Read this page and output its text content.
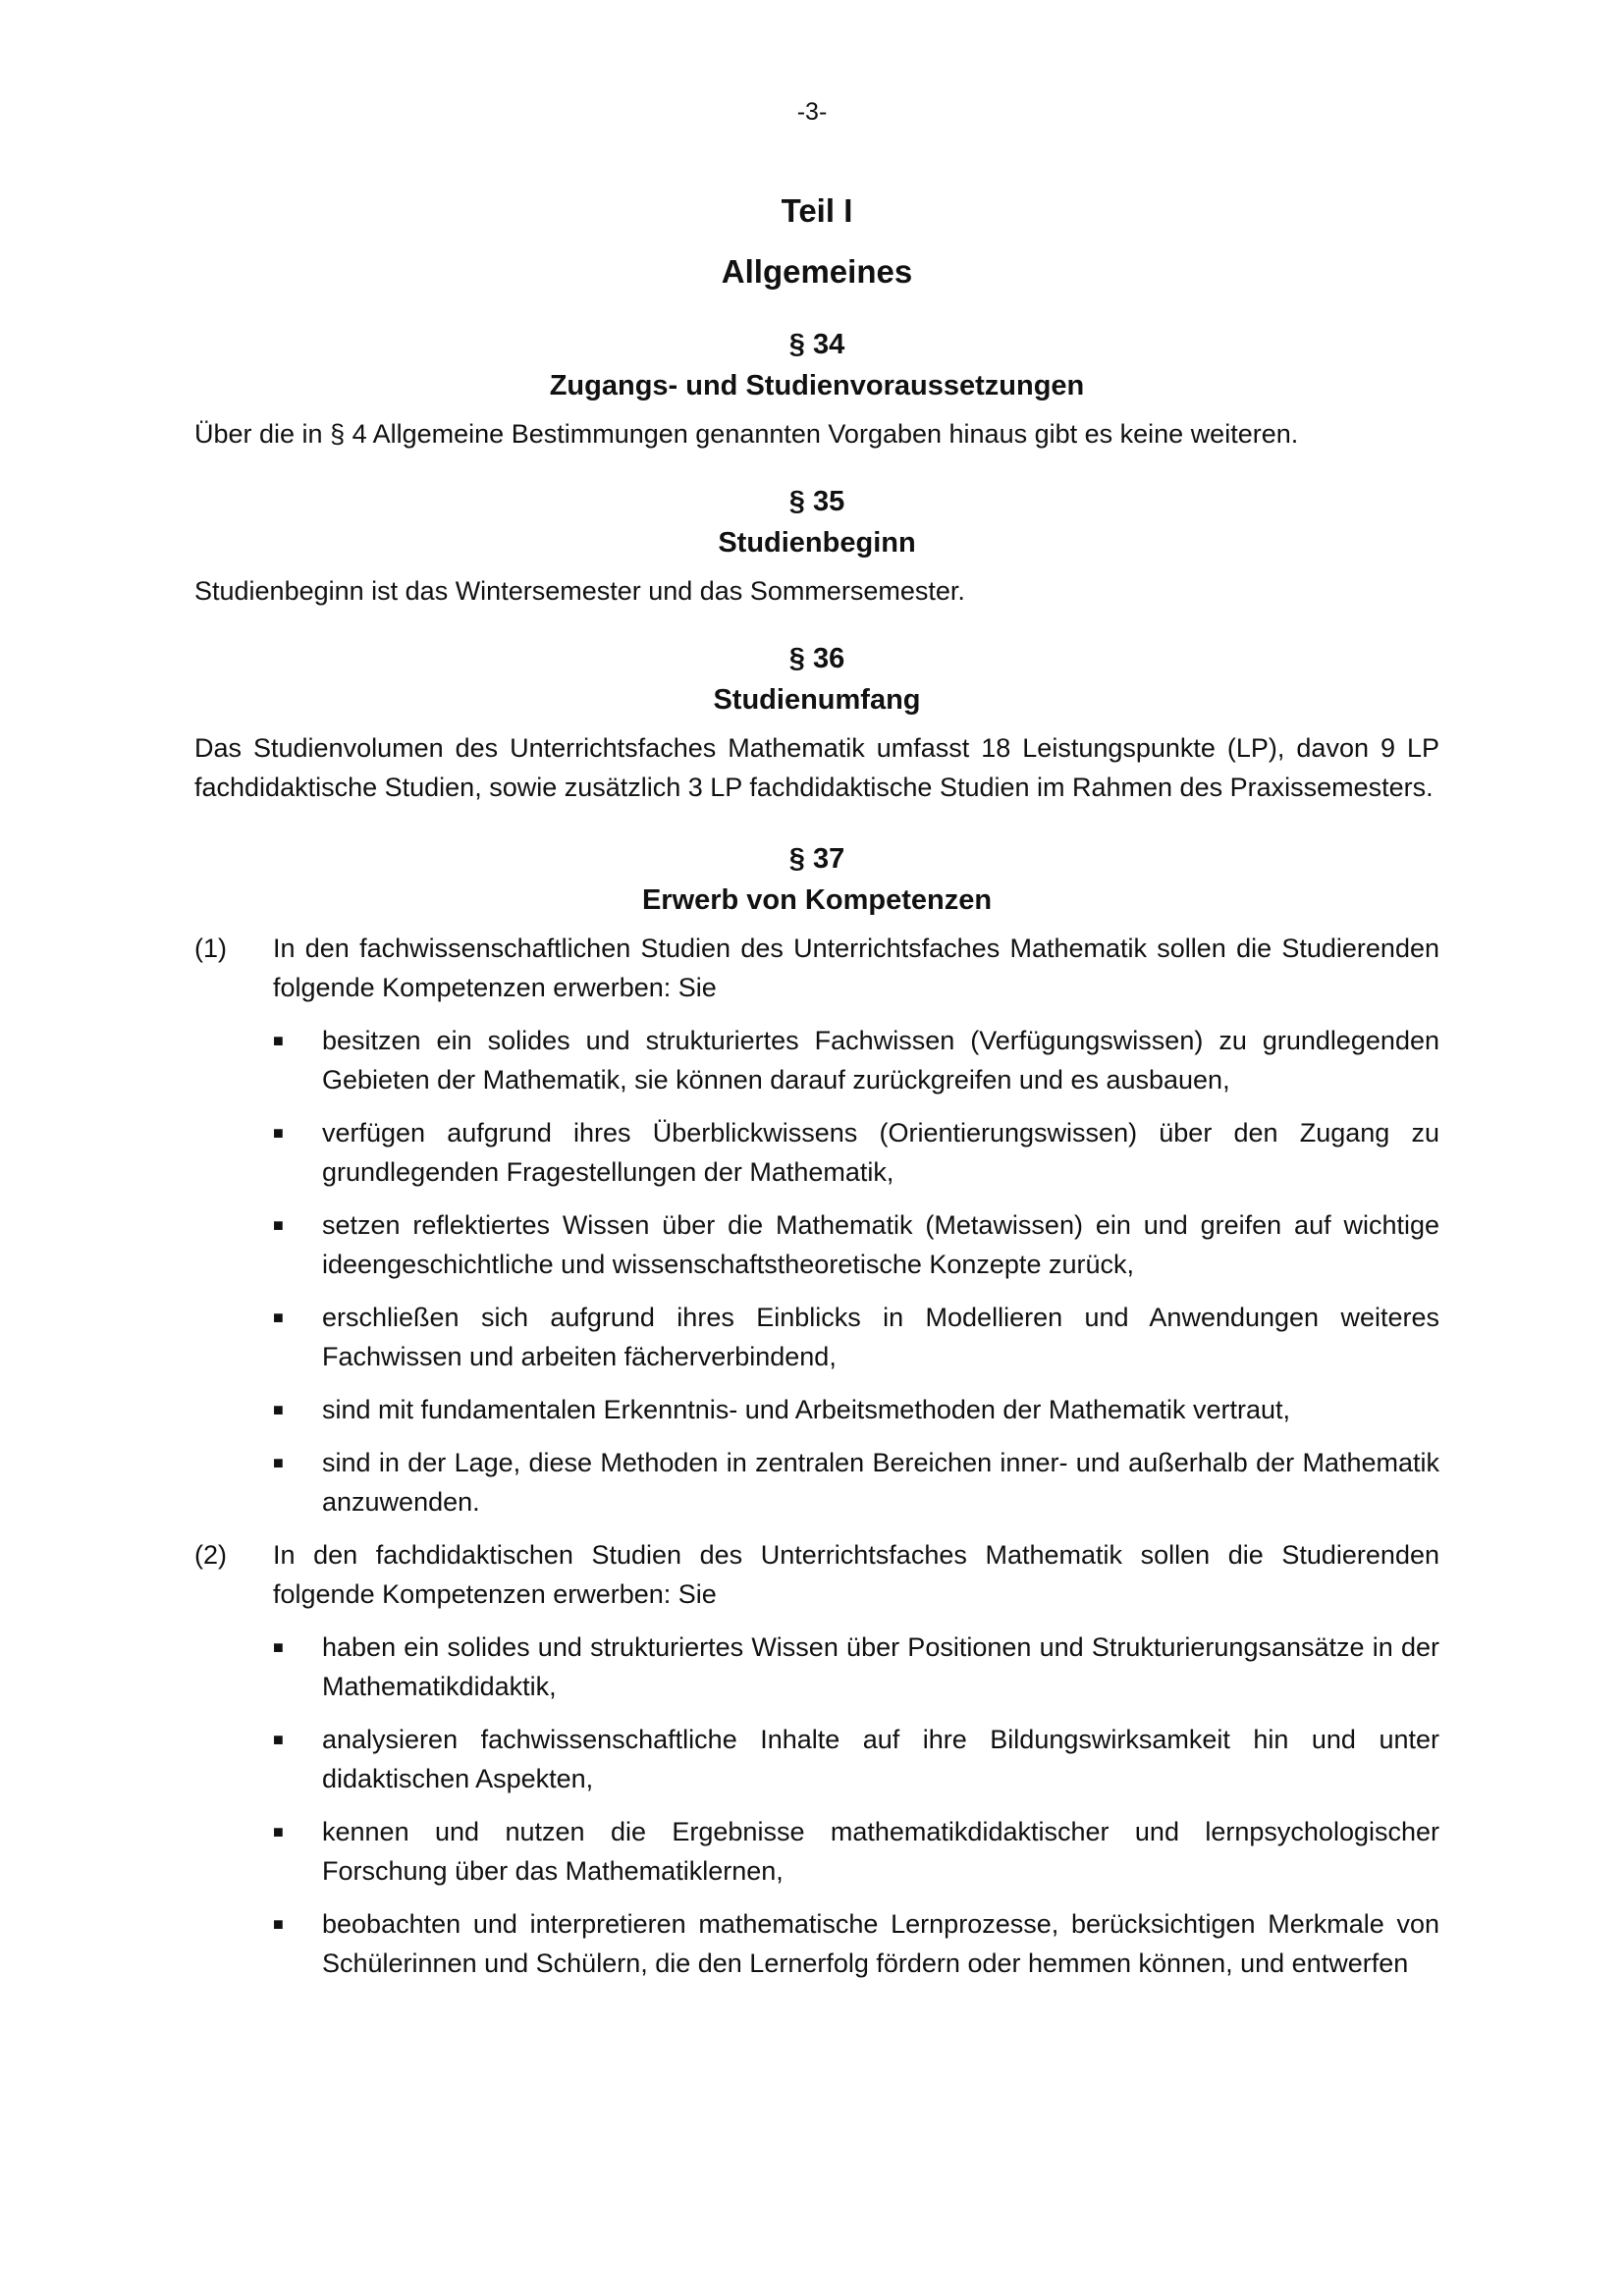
-3-
Teil I
Allgemeines
§ 34
Zugangs- und Studienvoraussetzungen

Über die in § 4 Allgemeine Bestimmungen genannten Vorgaben hinaus gibt es keine weiteren.

§ 35
Studienbeginn

Studienbeginn ist das Wintersemester und das Sommersemester.

§ 36
Studienumfang

Das Studienvolumen des Unterrichtsfaches Mathematik umfasst 18 Leistungspunkte (LP), davon 9 LP fachdidaktische Studien, sowie zusätzlich 3 LP fachdidaktische Studien im Rahmen des Praxissemesters.

§ 37
Erwerb von Kompetenzen
(1)	In den fachwissenschaftlichen Studien des Unterrichtsfaches Mathematik sollen die Studierenden folgende Kompetenzen erwerben: Sie
■	besitzen ein solides und strukturiertes Fachwissen (Verfügungswissen) zu grundlegenden Gebieten der Mathematik, sie können darauf zurückgreifen und es ausbauen,
■	verfügen aufgrund ihres Überblickwissens (Orientierungswissen) über den Zugang zu grundlegenden Fragestellungen der Mathematik,
■	setzen reflektiertes Wissen über die Mathematik (Metawissen) ein und greifen auf wichtige ideengeschichtliche und wissenschaftstheoretische Konzepte zurück,
■	erschließen sich aufgrund ihres Einblicks in Modellieren und Anwendungen weiteres Fachwissen und arbeiten fächerverbindend,
■	sind mit fundamentalen Erkenntnis- und Arbeitsmethoden der Mathematik vertraut,
■	sind in der Lage, diese Methoden in zentralen Bereichen inner- und außerhalb der Mathematik anzuwenden.
(2)	In den fachdidaktischen Studien des Unterrichtsfaches Mathematik sollen die Studierenden folgende Kompetenzen erwerben: Sie
■	haben ein solides und strukturiertes Wissen über Positionen und Strukturierungsansätze in der Mathematikdidaktik,
■	analysieren fachwissenschaftliche Inhalte auf ihre Bildungswirksamkeit hin und unter didaktischen Aspekten,
■	kennen und nutzen die Ergebnisse mathematikdidaktischer und lernpsychologischer Forschung über das Mathematiklernen,
■	beobachten und interpretieren mathematische Lernprozesse, berücksichtigen Merkmale von Schülerinnen und Schülern, die den Lernerfolg fördern oder hemmen können, und entwerfen
